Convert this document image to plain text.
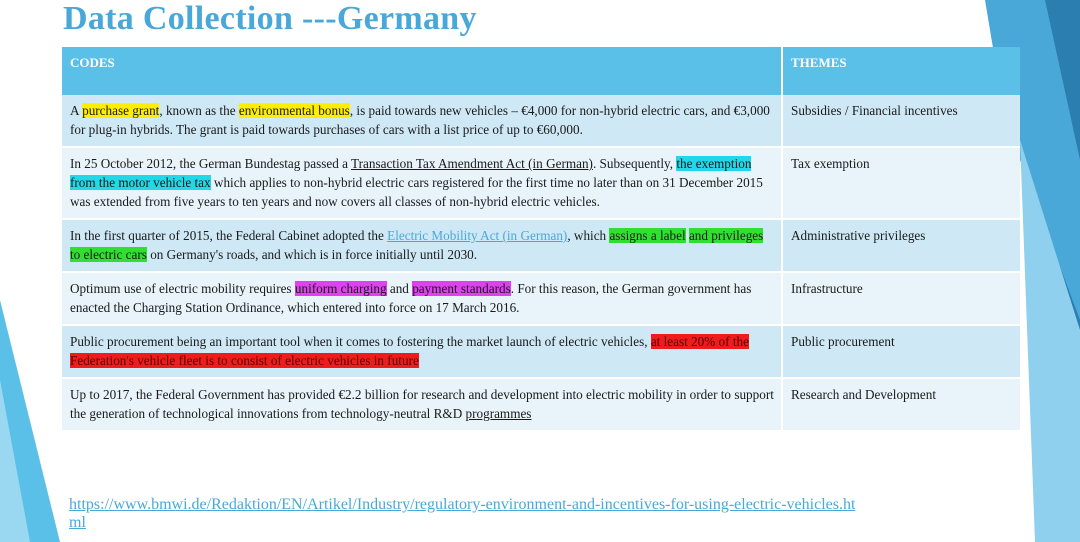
Data Collection ---Germany
CODES	THEMES
A purchase grant, known as the environmental bonus, is paid towards new vehicles – €4,000 for non-hybrid electric cars, and €3,000 for plug-in hybrids. The grant is paid towards purchases of cars with a list price of up to €60,000.	Subsidies / Financial incentives
In 25 October 2012, the German Bundestag passed a Transaction Tax Amendment Act (in German). Subsequently, the exemption from the motor vehicle tax which applies to non-hybrid electric cars registered for the first time no later than on 31 December 2015 was extended from five years to ten years and now covers all classes of non-hybrid electric vehicles.	Tax exemption
In the first quarter of 2015, the Federal Cabinet adopted the Electric Mobility Act (in German), which assigns a label and privileges to electric cars on Germany's roads, and which is in force initially until 2030.	Administrative privileges
Optimum use of electric mobility requires uniform charging and payment standards. For this reason, the German government has enacted the Charging Station Ordinance, which entered into force on 17 March 2016.	Infrastructure
Public procurement being an important tool when it comes to fostering the market launch of electric vehicles, at least 20% of the Federation's vehicle fleet is to consist of electric vehicles in future	Public procurement
Up to 2017, the Federal Government has provided €2.2 billion for research and development into electric mobility in order to support the generation of technological innovations from technology-neutral R&D programmes	Research and Development
https://www.bmwi.de/Redaktion/EN/Artikel/Industry/regulatory-environment-and-incentives-for-using-electric-vehicles.html
